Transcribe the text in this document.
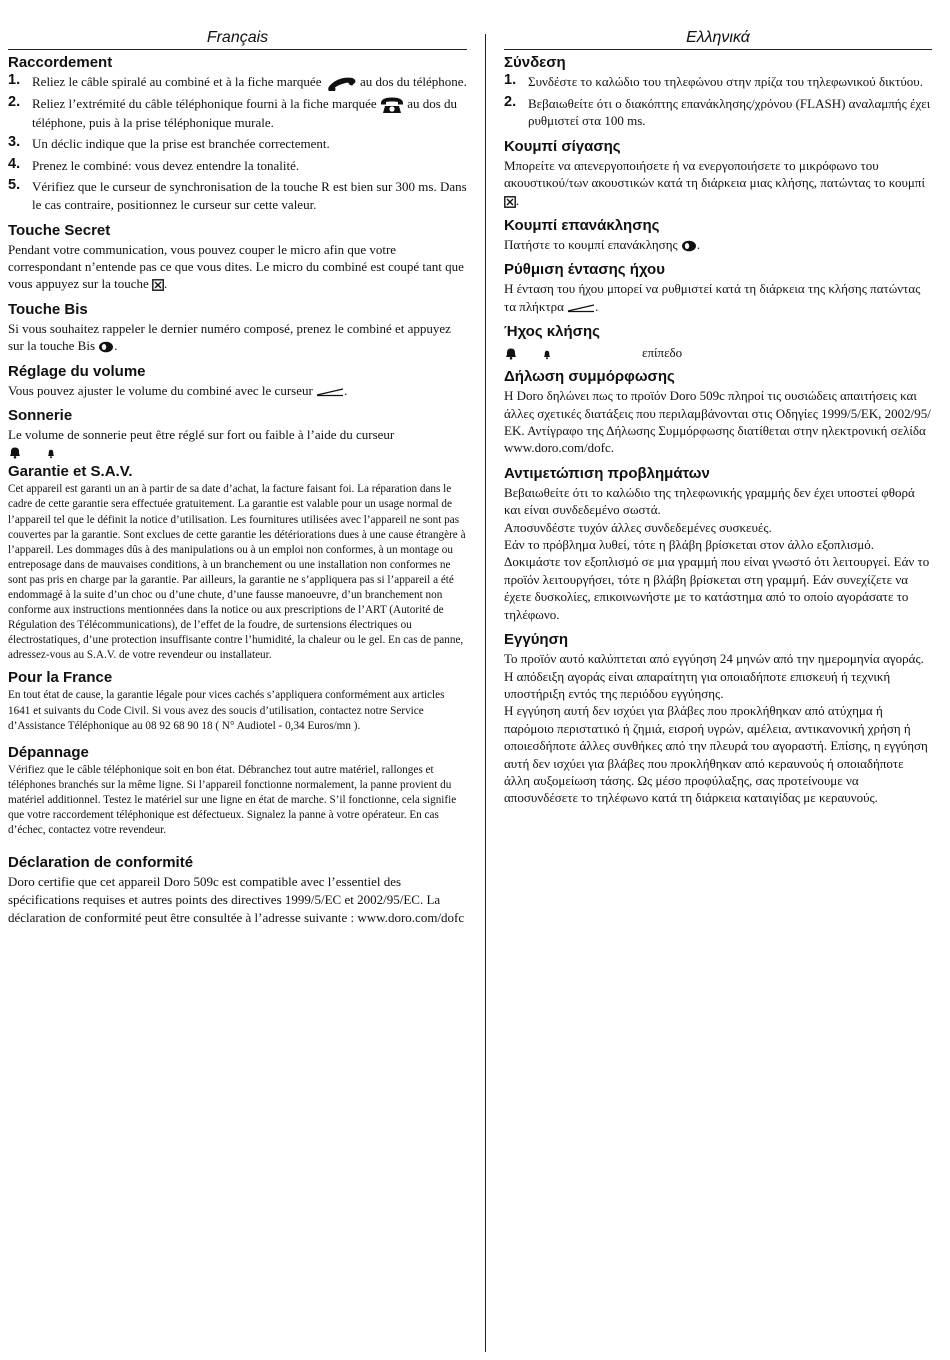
Français
Raccordement
1. Reliez le câble spiralé au combiné et à la fiche marquée  au dos du téléphone.
2. Reliez l’extrémité du câble téléphonique fourni à la fiche marquée  au dos du téléphone, puis à la prise téléphonique murale.
3. Un déclic indique que la prise est branchée correctement.
4. Prenez le combiné: vous devez entendre la tonalité.
5. Vérifiez que le curseur de synchronisation de la touche R est bien sur 300 ms. Dans le cas contraire, positionnez le curseur sur cette valeur.
Touche Secret

Pendant votre communication, vous pouvez couper le micro afin que votre correspondant n’entende pas ce que vous dites. Le micro du combiné est coupé tant que vous appuyez sur la touche .

Touche Bis

Si vous souhaitez rappeler le dernier numéro composé, prenez le combiné et appuyez sur la touche Bis .

Réglage du volume

Vous pouvez ajuster le volume du combiné avec le curseur .

Sonnerie

Le volume de sonnerie peut être réglé sur fort ou faible à l’aide du curseur

Garantie et S.A.V.

Cet appareil est garanti un an à partir de sa date d’achat, la facture faisant foi. La réparation dans le cadre de cette garantie sera effectuée gratuitement. La garantie est valable pour un usage normal de l’appareil tel que le définit la notice d’utilisation. Les fournitures utilisées avec l’appareil ne sont pas couvertes par la garantie. Sont exclues de cette garantie les détériorations dues à une cause étrangère à l’appareil. Les dommages dûs à des manipulations ou à un emploi non conformes, à un montage ou entreposage dans de mauvaises conditions, à un branchement ou une installation non conformes ne sont pas pris en charge par la garantie. Par ailleurs, la garantie ne s’appliquera pas si l’appareil a été endommagé à la suite d’un choc ou d’une chute, d’une fausse manoeuvre, d’un branchement non conforme aux instructions mentionnées dans la notice ou aux prescriptions de l’ART (Autorité de Régulation des Télécommunications), de l’effet de la foudre, de surtensions électriques ou électrostatiques, d’une protection insuffisante contre l’humidité, la chaleur ou le gel. En cas de panne, adressez-vous au S.A.V. de votre revendeur ou installateur.

Pour la France

En tout état de cause, la garantie légale pour vices cachés s’appliquera conformément aux articles 1641 et suivants du Code Civil. Si vous avez des soucis d’utilisation, contactez notre Service d’Assistance Téléphonique au 08 92 68 90 18 ( N° Audiotel - 0,34 Euros/mn ).

Dépannage

Vérifiez que le câble téléphonique soit en bon état. Débranchez tout autre matériel, rallonges et téléphones branchés sur la même ligne. Si l’appareil fonctionne normalement, la panne provient du matériel additionnel. Testez le matériel sur une ligne en état de marche. S’il fonctionne, cela signifie que votre raccordement téléphonique est défectueux. Signalez la panne à votre opérateur. En cas d’échec, contactez votre revendeur.

Déclaration de conformité

Doro certifie que cet appareil Doro 509c est compatible avec l’essentiel des spécifications requises et autres points des directives 1999/5/EC et 2002/95/EC. La déclaration de conformité peut être consultée à l’adresse suivante : www.doro.com/dofc

Ελληνικά
Σύνδεση
1. Συνδέστε το καλώδιο του τηλεφώνου στην πρίζα του τηλεφωνικού δικτύου.
2. Βεβαιωθείτε ότι ο διακόπτης επανάκλησης/χρόνου (FLASH) αναλαμπής έχει ρυθμιστεί στα 100 ms.
Κουμπί σίγασης

Μπορείτε να απενεργοποιήσετε ή να ενεργοποιήσετε το μικρόφωνο του ακουστικού/των ακουστικών κατά τη διάρκεια μιας κλήσης, πατώντας το κουμπί .

Κουμπί επανάκλησης

Πατήστε το κουμπί επανάκλησης .

Ρύθμιση έντασης ήχου

Η ένταση του ήχου μπορεί να ρυθμιστεί κατά τη διάρκεια της κλήσης πατώντας τα πλήκτρα .

Ήχος κλήσης
επίπεδο
Δήλωση συμμόρφωσης

Η Doro δηλώνει πως το προϊόν Doro 509c πληροί τις ουσιώδεις απαιτήσεις και άλλες σχετικές διατάξεις που περιλαμβάνονται στις Οδηγίες 1999/5/ΕΚ, 2002/95/ΕΚ. Αντίγραφο της Δήλωσης Συμμόρφωσης διατίθεται στην ηλεκτρονική σελίδα www.doro.com/dofc.

Αντιμετώπιση προβλημάτων

Βεβαιωθείτε ότι το καλώδιο της τηλεφωνικής γραμμής δεν έχει υποστεί φθορά και είναι συνδεδεμένο σωστά.

Αποσυνδέστε τυχόν άλλες συνδεδεμένες συσκευές.

Εάν το πρόβλημα λυθεί, τότε η βλάβη βρίσκεται στον άλλο εξοπλισμό.

Δοκιμάστε τον εξοπλισμό σε μια γραμμή που είναι γνωστό ότι λειτουργεί. Εάν το προϊόν λειτουργήσει, τότε η βλάβη βρίσκεται στη γραμμή. Εάν συνεχίζετε να έχετε δυσκολίες, επικοινωνήστε με το κατάστημα από το οποίο αγοράσατε το τηλέφωνο.

Εγγύηση

Το προϊόν αυτό καλύπτεται από εγγύηση 24 μηνών από την ημερομηνία αγοράς.

Η απόδειξη αγοράς είναι απαραίτητη για οποιαδήποτε επισκευή ή τεχνική υποστήριξη εντός της περιόδου εγγύησης.

Η εγγύηση αυτή δεν ισχύει για βλάβες που προκλήθηκαν από ατύχημα ή παρόμοιο περιστατικό ή ζημιά, εισροή υγρών, αμέλεια, αντικανονική χρήση ή οποιεσδήποτε άλλες συνθήκες από την πλευρά του αγοραστή. Επίσης, η εγγύηση αυτή δεν ισχύει για βλάβες που προκλήθηκαν από κεραυνούς ή οποιαδήποτε άλλη αυξομείωση τάσης. Ως μέσο προφύλαξης, σας προτείνουμε να αποσυνδέσετε το τηλέφωνο κατά τη διάρκεια καταιγίδας με κεραυνούς.
